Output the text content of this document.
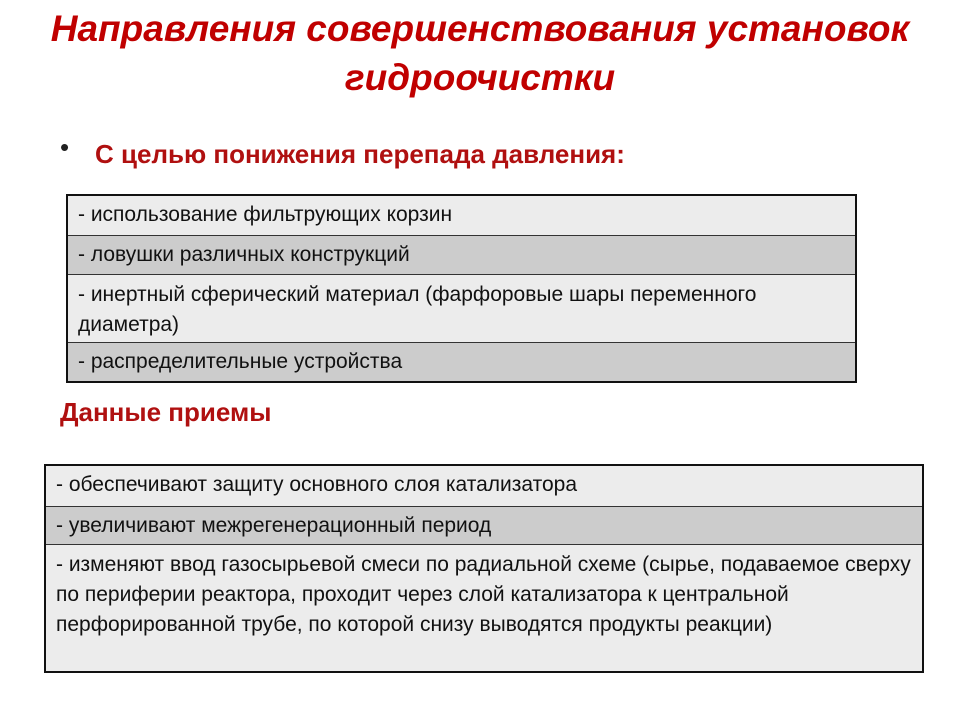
Направления совершенствования установок гидроочистки
• С целью понижения перепада давления:
- использование фильтрующих корзин
- ловушки различных конструкций
- инертный сферический материал (фарфоровые шары переменного диаметра)
- распределительные устройства
Данные приемы
- обеспечивают защиту основного слоя катализатора
- увеличивают межрегенерационный период
- изменяют ввод газосырьевой смеси по радиальной схеме (сырье, подаваемое сверху по периферии реактора, проходит через слой катализатора к центральной перфорированной трубе, по которой снизу выводятся продукты реакции)
